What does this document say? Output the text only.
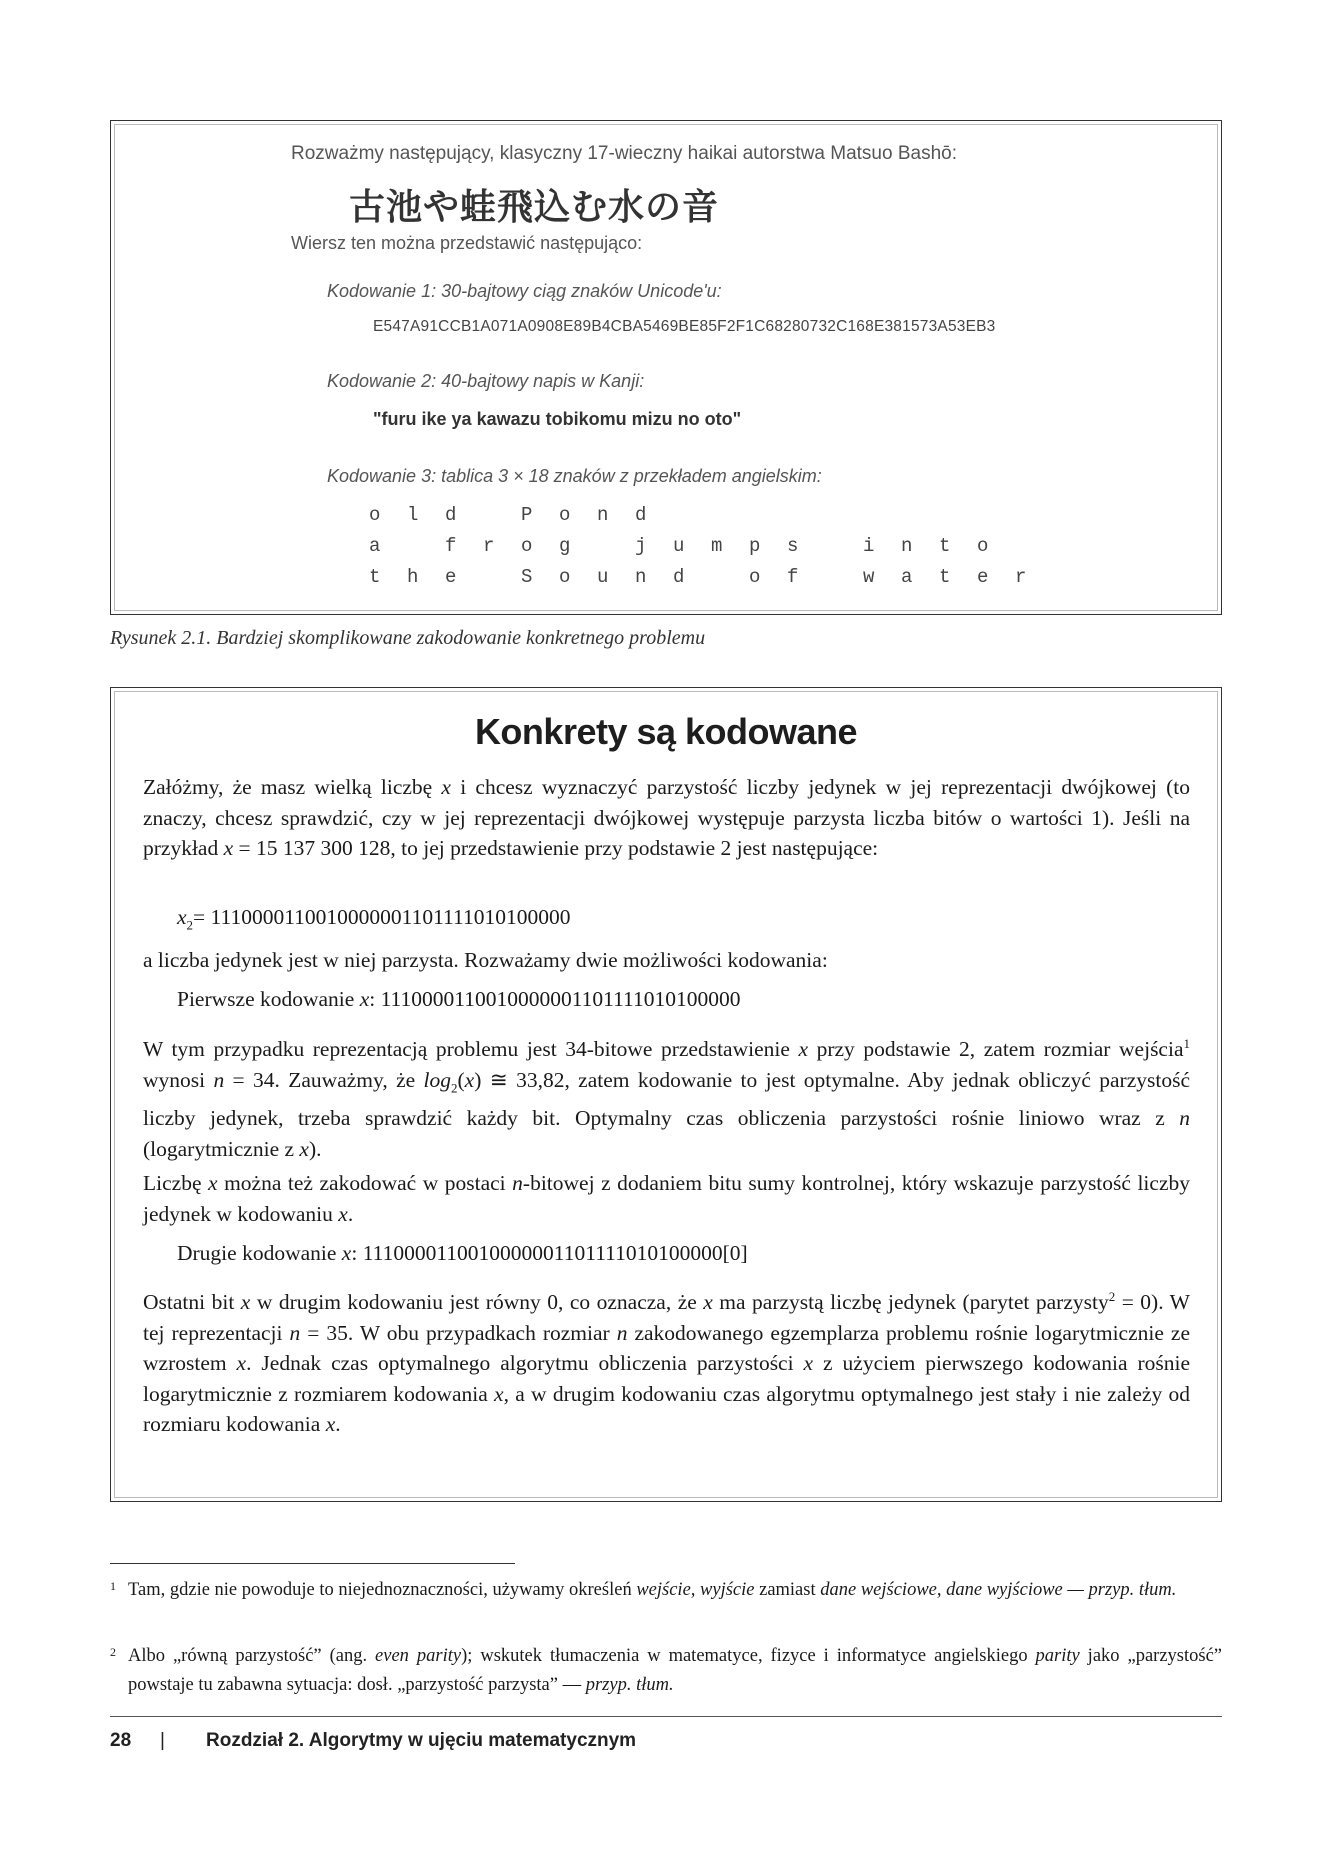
Rozważmy następujący, klasyczny 17-wieczny haikai autorstwa Matsuo Bashō:
古池や蛙飛込む水の音
Wiersz ten można przedstawić następująco:
Kodowanie 1: 30-bajtowy ciąg znaków Unicode'u:
E547A91CCB1A071A0908E89B4CBA5469BE85F2F1C68280732C168E381573A53EB3
Kodowanie 2: 40-bajtowy napis w Kanji:
"furu ike ya kawazu tobikomu mizu no oto"
Kodowanie 3: tablica 3 × 18 znaków z przekładem angielskim:
o	l	d	P	o	n	d
a	f	r	o	g	j	u	m	p	s	i	n	t	o
t	h	e	S	o	u	n	d	o	f	w	a	t	e	r
Rysunek 2.1. Bardziej skomplikowane zakodowanie konkretnego problemu
Konkrety są kodowane
Załóżmy, że masz wielką liczbę x i chcesz wyznaczyć parzystość liczby jedynek w jej reprezentacji dwójkowej (to znaczy, chcesz sprawdzić, czy w jej reprezentacji dwójkowej występuje parzysta liczba bitów o wartości 1). Jeśli na przykład x = 15 137 300 128, to jej przedstawienie przy podstawie 2 jest następujące:
$x_2= 1110000110010000001101111010100000$
a liczba jedynek jest w niej parzysta. Rozważamy dwie możliwości kodowania:
Pierwsze kodowanie x: 1110000110010000001101111010100000
W tym przypadku reprezentacją problemu jest 34-bitowe przedstawienie x przy podstawie 2, zatem rozmiar wejścia$^1$ wynosi n = 34. Zauważmy, że $\log_2(x)$ ≅ 33,82, zatem kodowanie to jest optymalne. Aby jednak obliczyć parzystość liczby jedynek, trzeba sprawdzić każdy bit. Optymalny czas obliczenia parzystości rośnie liniowo wraz z n (logarytmicznie z x).
Liczbę x można też zakodować w postaci n-bitowej z dodaniem bitu sumy kontrolnej, który wskazuje parzystość liczby jedynek w kodowaniu x.
Drugie kodowanie x: 1110000110010000001101111010100000[0]
Ostatni bit x w drugim kodowaniu jest równy 0, co oznacza, że x ma parzystą liczbę jedynek (parytet parzysty$^2$ = 0). W tej reprezentacji n = 35. W obu przypadkach rozmiar n zakodowanego egzemplarza problemu rośnie logarytmicznie ze wzrostem x. Jednak czas optymalnego algorytmu obliczenia parzystości x z użyciem pierwszego kodowania rośnie logarytmicznie z rozmiarem kodowania x, a w drugim kodowaniu czas algorytmu optymalnego jest stały i nie zależy od rozmiaru kodowania x.
1 Tam, gdzie nie powoduje to niejednoznaczności, używamy określeń wejście, wyjście zamiast dane wejściowe, dane wyjściowe — przyp. tłum.
2 Albo „równą parzystość” (ang. even parity); wskutek tłumaczenia w matematyce, fizyce i informatyce angielskiego parity jako „parzystość” powstaje tu zabawna sytuacja: dosł. „parzystość parzysta” — przyp. tłum.
28 | Rozdział 2. Algorytmy w ujęciu matematycznym
